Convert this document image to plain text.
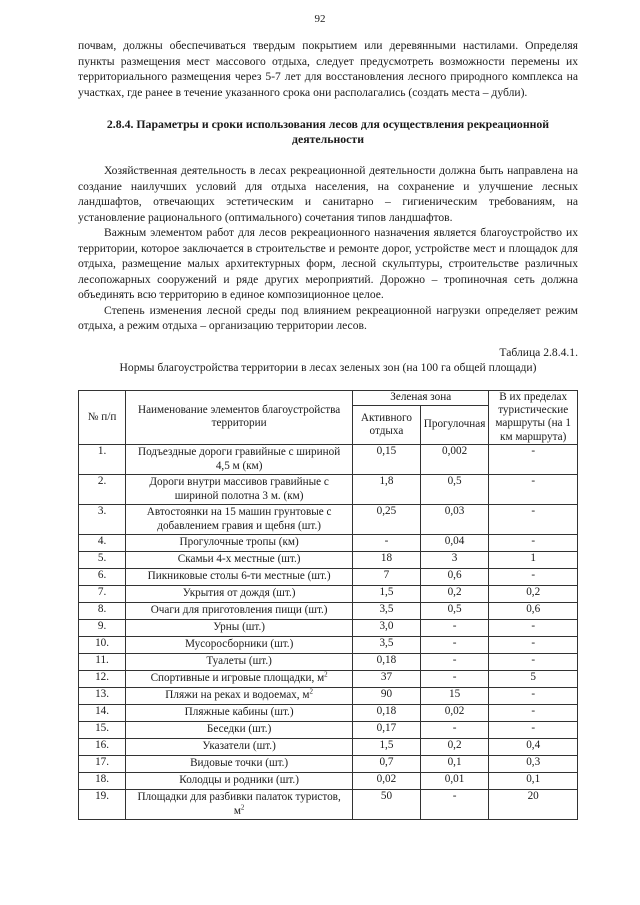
92

почвам, должны обеспечиваться твердым покрытием или деревянными настилами. Определяя пункты размещения мест массового отдыха, следует предусмотреть возможности перемены их территориального размещения через 5-7 лет для восстановления лесного природного комплекса на участках, где ранее в течение указанного срока они располагались (создать места – дубли).

2.8.4. Параметры и сроки использования лесов для осуществления рекреационной деятельности

Хозяйственная деятельность в лесах рекреационной деятельности должна быть направлена на создание наилучших условий для отдыха населения, на сохранение и улучшение лесных ландшафтов, отвечающих эстетическим и санитарно – гигиеническим требованиям, на установление рационального (оптимального) сочетания типов ландшафтов.

Важным элементом работ для лесов рекреационного назначения является благоустройство их территории, которое заключается в строительстве и ремонте дорог, устройстве мест и площадок для отдыха, размещение малых архитектурных форм, лесной скульптуры, строительстве различных лесопожарных сооружений и ряде других мероприятий. Дорожно – тропиночная сеть должна объединять всю территорию в единое композиционное целое.

Степень изменения лесной среды под влиянием рекреационной нагрузки определяет режим отдыха, а режим отдыха – организацию территории лесов.

Таблица 2.8.4.1.
Нормы благоустройства территории в лесах зеленых зон (на 100 га общей площади)
№ п/п	Наименование элементов благоустройства территории	Зеленая зона		В их пределах туристические маршруты (на 1 км маршрута)
		Активного отдыха	Прогулочная	
1.	Подъездные дороги гравийные с шириной 4,5 м (км)	0,15	0,002	-
2.	Дороги внутри массивов гравийные с шириной полотна 3 м. (км)	1,8	0,5	-
3.	Автостоянки на 15 машин грунтовые с добавлением гравия и щебня (шт.)	0,25	0,03	-
4.	Прогулочные тропы (км)	-	0,04	-
5.	Скамьи 4-х местные (шт.)	18	3	1
6.	Пикниковые столы 6-ти местные (шт.)	7	0,6	-
7.	Укрытия от дождя (шт.)	1,5	0,2	0,2
8.	Очаги для приготовления пищи (шт.)	3,5	0,5	0,6
9.	Урны (шт.)	3,0	-	-
10.	Мусоросборники (шт.)	3,5	-	-
11.	Туалеты (шт.)	0,18	-	-
12.	Спортивные и игровые площадки, $м^2$	37	-	5
13.	Пляжи на реках и водоемах, $м^2$	90	15	-
14.	Пляжные кабины (шт.)	0,18	0,02	-
15.	Беседки (шт.)	0,17	-	-
16.	Указатели (шт.)	1,5	0,2	0,4
17.	Видовые точки (шт.)	0,7	0,1	0,3
18.	Колодцы и родники (шт.)	0,02	0,01	0,1
19.	Площадки для разбивки палаток туристов, $м^2$	50	-	20
